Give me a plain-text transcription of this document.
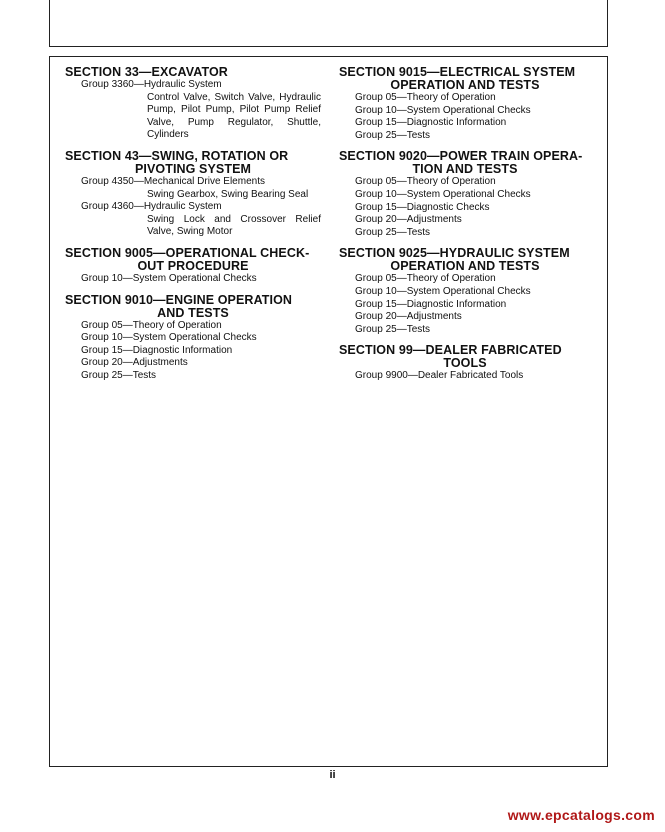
SECTION 33—EXCAVATOR
Group 3360—Hydraulic System
Control Valve, Switch Valve, Hydraulic Pump, Pilot Pump, Pilot Pump Relief Valve, Pump Regulator, Shuttle, Cylinders
SECTION 43—SWING, ROTATION OR
PIVOTING SYSTEM
Group 4350—Mechanical Drive Elements
Swing Gearbox, Swing Bearing Seal
Group 4360—Hydraulic System
Swing Lock and Crossover Relief Valve, Swing Motor
SECTION 9005—OPERATIONAL CHECK-
OUT PROCEDURE
Group 10—System Operational Checks
SECTION 9010—ENGINE OPERATION
AND TESTS
Group 05—Theory of Operation
Group 10—System Operational Checks
Group 15—Diagnostic Information
Group 20—Adjustments
Group 25—Tests
SECTION 9015—ELECTRICAL SYSTEM
OPERATION AND TESTS
Group 05—Theory of Operation
Group 10—System Operational Checks
Group 15—Diagnostic Information
Group 25—Tests
SECTION 9020—POWER TRAIN OPERA-
TION AND TESTS
Group 05—Theory of Operation
Group 10—System Operational Checks
Group 15—Diagnostic Checks
Group 20—Adjustments
Group 25—Tests
SECTION 9025—HYDRAULIC SYSTEM
OPERATION AND TESTS
Group 05—Theory of Operation
Group 10—System Operational Checks
Group 15—Diagnostic Information
Group 20—Adjustments
Group 25—Tests
SECTION 99—DEALER FABRICATED
TOOLS
Group 9900—Dealer Fabricated Tools
ii
www.epcatalogs.com
